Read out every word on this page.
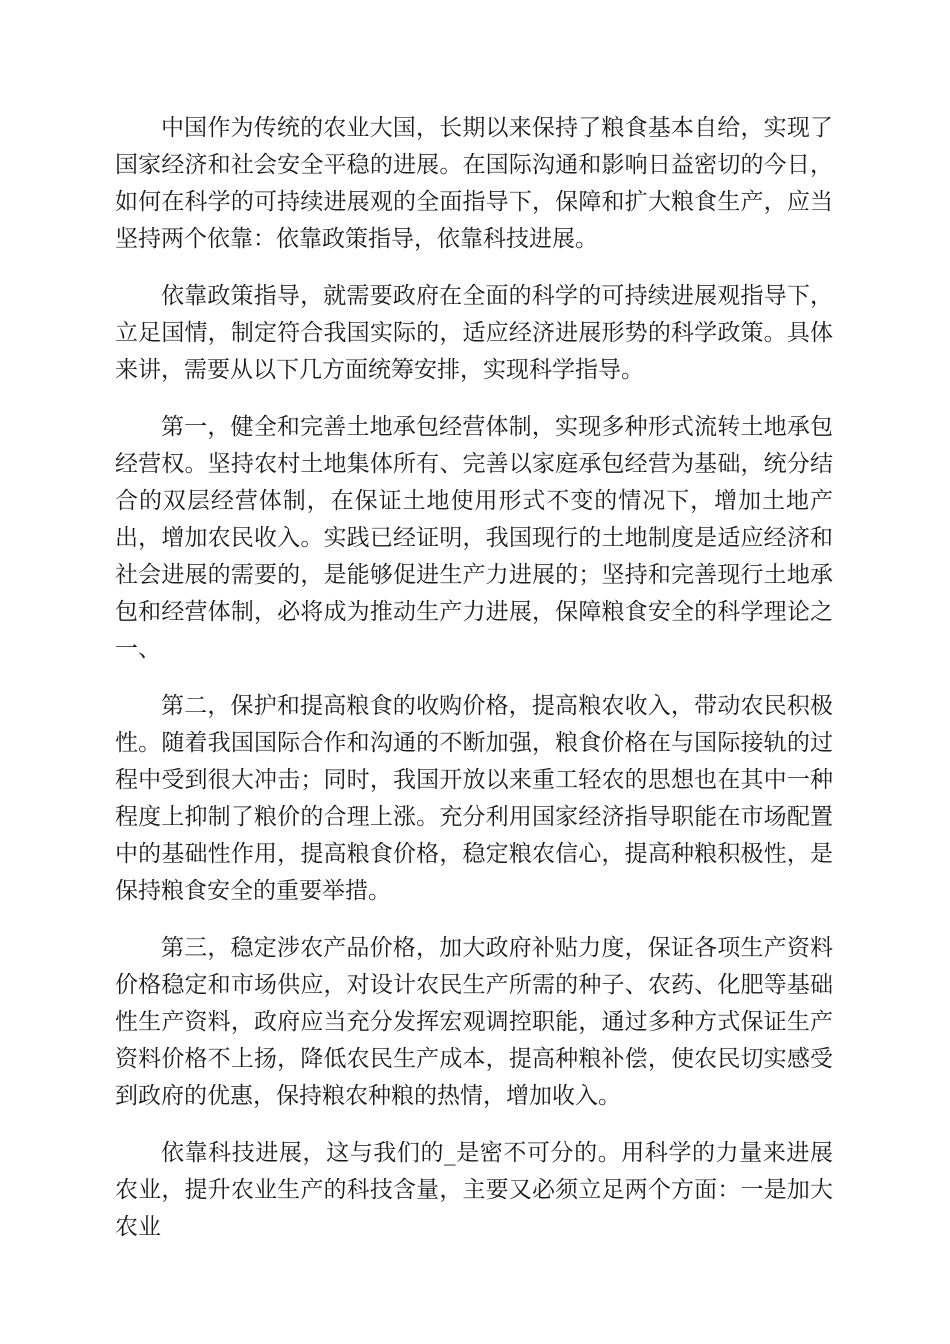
中国作为传统的农业大国，长期以来保持了粮食基本自给，实现了国家经济和社会安全平稳的进展。在国际沟通和影响日益密切的今日，如何在科学的可持续进展观的全面指导下，保障和扩大粮食生产，应当坚持两个依靠：依靠政策指导，依靠科技进展。

依靠政策指导，就需要政府在全面的科学的可持续进展观指导下，立足国情，制定符合我国实际的，适应经济进展形势的科学政策。具体来讲，需要从以下几方面统筹安排，实现科学指导。

第一，健全和完善土地承包经营体制，实现多种形式流转土地承包经营权。坚持农村土地集体所有、完善以家庭承包经营为基础，统分结合的双层经营体制，在保证土地使用形式不变的情况下，增加土地产出，增加农民收入。实践已经证明，我国现行的土地制度是适应经济和社会进展的需要的，是能够促进生产力进展的；坚持和完善现行土地承包和经营体制，必将成为推动生产力进展，保障粮食安全的科学理论之一、

第二，保护和提高粮食的收购价格，提高粮农收入，带动农民积极性。随着我国国际合作和沟通的不断加强，粮食价格在与国际接轨的过程中受到很大冲击；同时，我国开放以来重工轻农的思想也在其中一种程度上抑制了粮价的合理上涨。充分利用国家经济指导职能在市场配置中的基础性作用，提高粮食价格，稳定粮农信心，提高种粮积极性，是保持粮食安全的重要举措。

第三，稳定涉农产品价格，加大政府补贴力度，保证各项生产资料价格稳定和市场供应，对设计农民生产所需的种子、农药、化肥等基础性生产资料，政府应当充分发挥宏观调控职能，通过多种方式保证生产资料价格不上扬，降低农民生产成本，提高种粮补偿，使农民切实感受到政府的优惠，保持粮农种粮的热情，增加收入。

依靠科技进展，这与我们的_是密不可分的。用科学的力量来进展农业，提升农业生产的科技含量，主要又必须立足两个方面：一是加大农业
